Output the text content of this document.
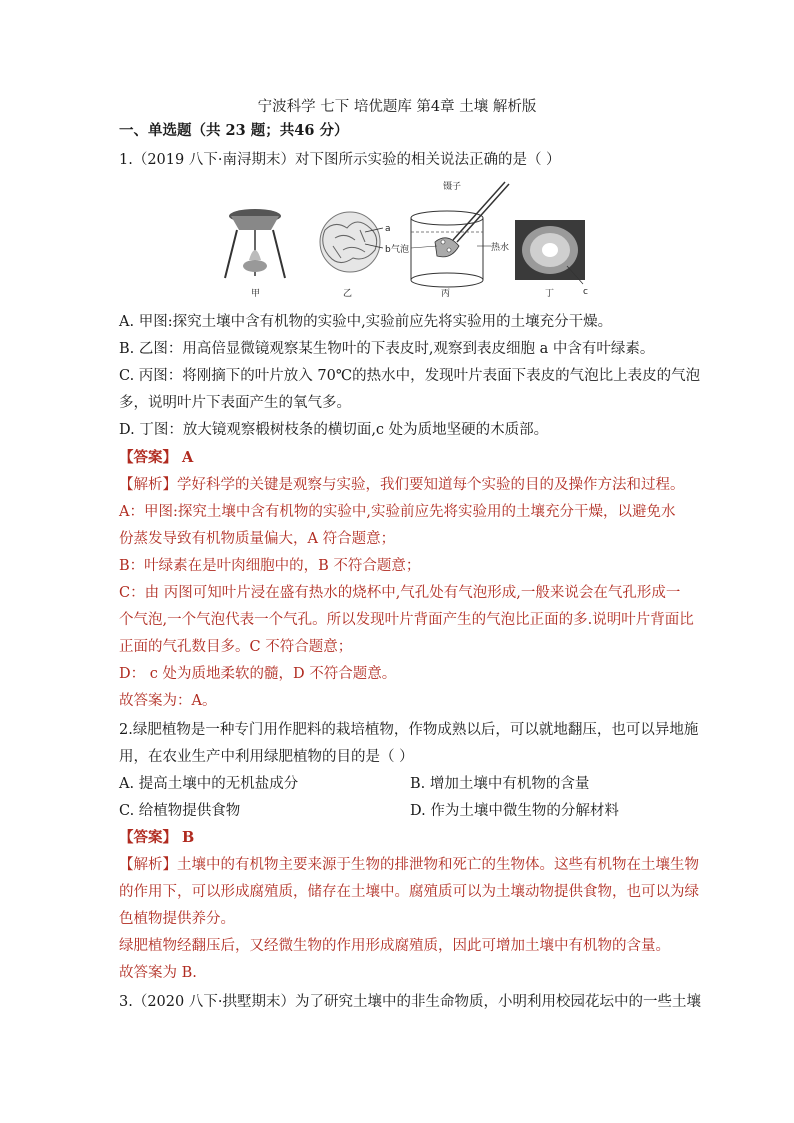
宁波科学 七下 培优题库 第4章 土壤 解析版
一、单选题（共 23 题；共46 分）
1.（2019 八下·南浔期末）对下图所示实验的相关说法正确的是（ ）
甲
a
b
乙
镊子
气泡	热水
丙	c
丁
A. 甲图:探究土壤中含有机物的实验中,实验前应先将实验用的土壤充分干燥。
B. 乙图：用高倍显微镜观察某生物叶的下表皮时,观察到表皮细胞 a 中含有叶绿素。
C. 丙图：将刚摘下的叶片放入 70℃的热水中，发现叶片表面下表皮的气泡比上表皮的气泡
多，说明叶片下表面产生的氧气多。
D. 丁图：放大镜观察椴树枝条的横切面,c 处为质地坚硬的木质部。
【答案】 A
【解析】学好科学的关键是观察与实验，我们要知道每个实验的目的及操作方法和过程。
A：甲图:探究土壤中含有机物的实验中,实验前应先将实验用的土壤充分干燥，以避免水
份蒸发导致有机物质量偏大，A 符合题意；
B：叶绿素在是叶肉细胞中的，B 不符合题意；
C：由 丙图可知叶片浸在盛有热水的烧杯中,气孔处有气泡形成,一般来说会在气孔形成一
个气泡,一个气泡代表一个气孔。所以发现叶片背面产生的气泡比正面的多.说明叶片背面比
正面的气孔数目多。C 不符合题意；
D： c 处为质地柔软的髓，D 不符合题意。
故答案为：A。
2.绿肥植物是一种专门用作肥料的栽培植物，作物成熟以后，可以就地翻压，也可以异地施
用，在农业生产中利用绿肥植物的目的是（ ）
A. 提高土壤中的无机盐成分	B. 增加土壤中有机物的含量
C. 给植物提供食物	D. 作为土壤中微生物的分解材料
【答案】 B
【解析】土壤中的有机物主要来源于生物的排泄物和死亡的生物体。这些有机物在土壤生物
的作用下，可以形成腐殖质，储存在土壤中。腐殖质可以为土壤动物提供食物，也可以为绿
色植物提供养分。
绿肥植物经翻压后，又经微生物的作用形成腐殖质，因此可增加土壤中有机物的含量。
故答案为 B.
3.（2020 八下·拱墅期末）为了研究土壤中的非生命物质，小明利用校园花坛中的一些土壤
